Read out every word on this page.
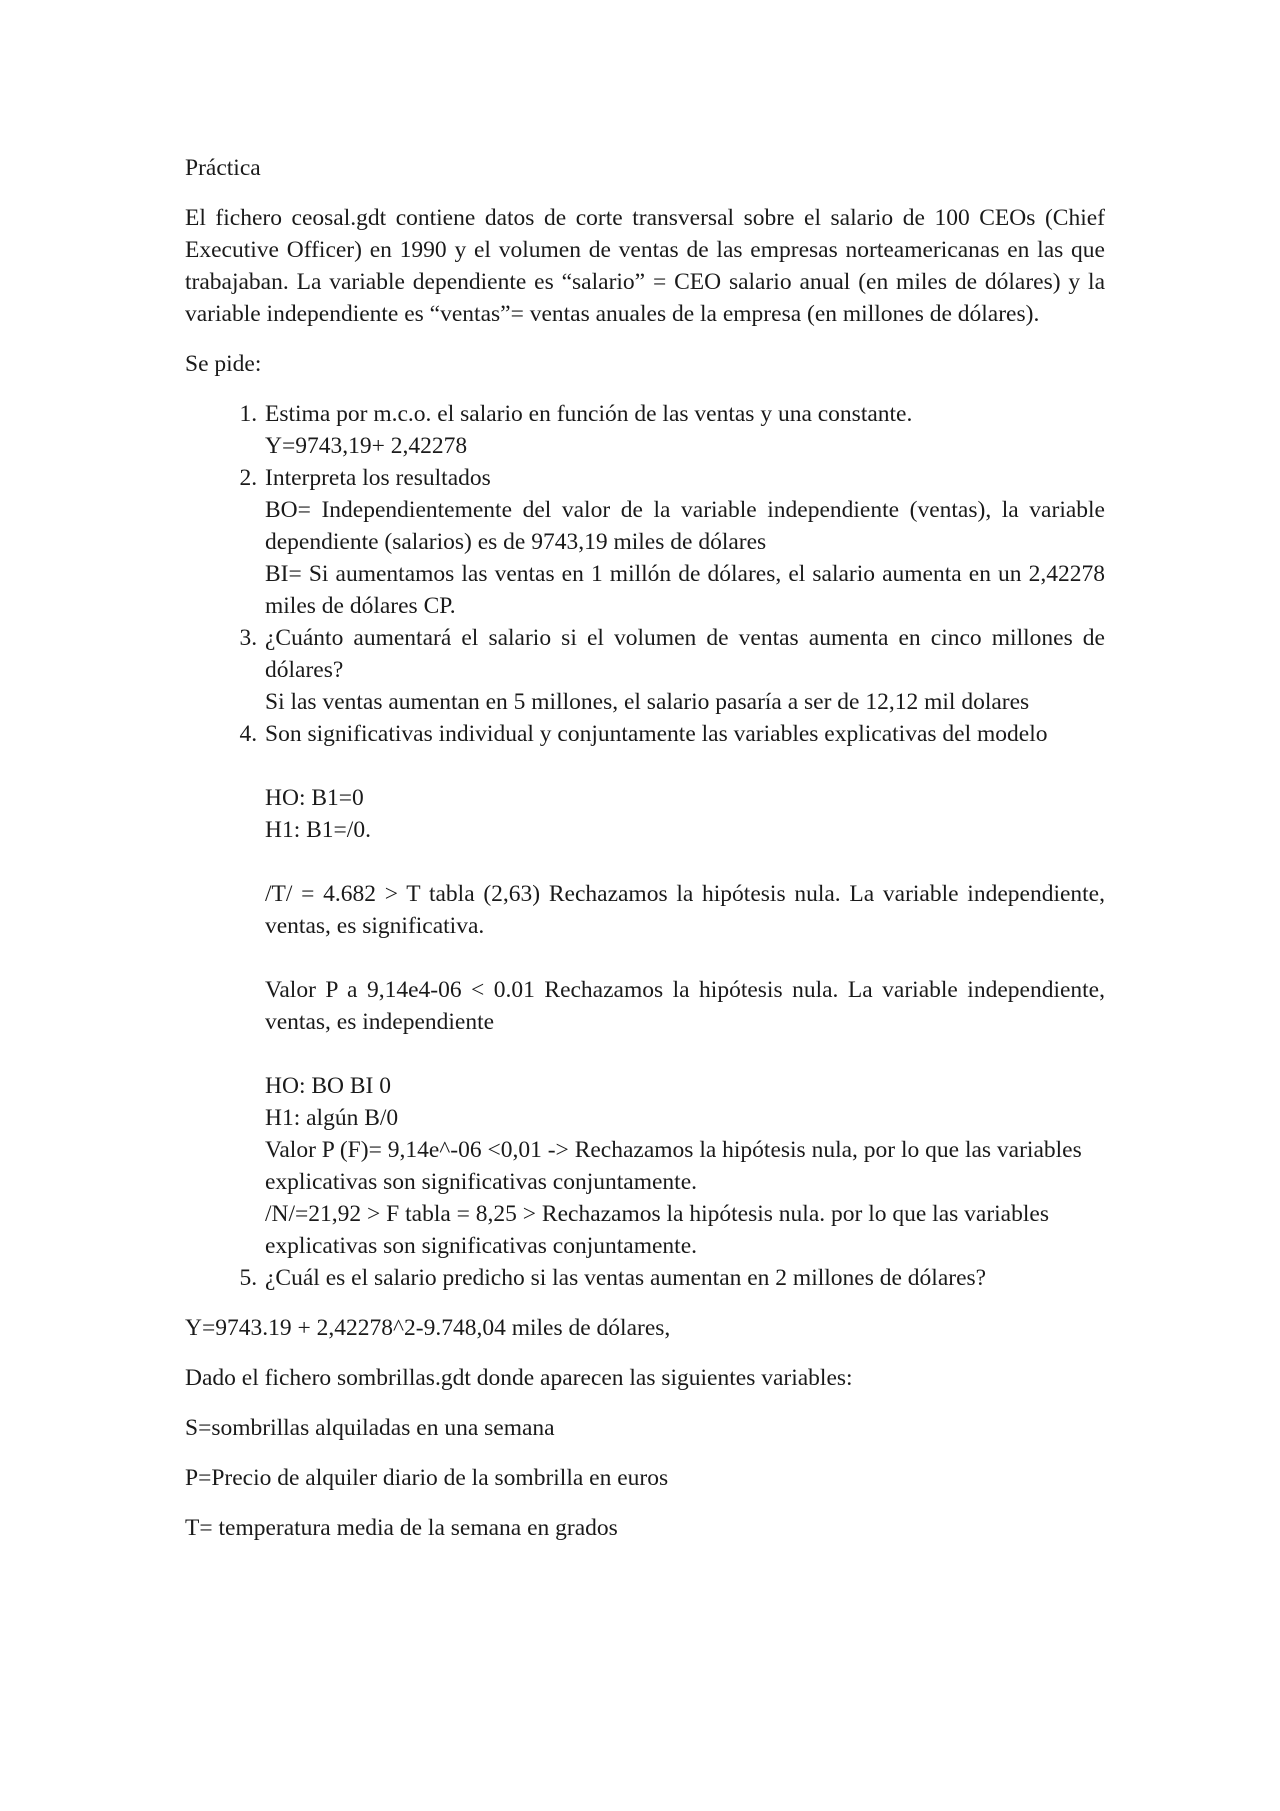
Práctica

El fichero ceosal.gdt contiene datos de corte transversal sobre el salario de 100 CEOs (Chief Executive Officer) en 1990 y el volumen de ventas de las empresas norteamericanas en las que trabajaban. La variable dependiente es “salario” = CEO salario anual (en miles de dólares) y la variable independiente es “ventas”= ventas anuales de la empresa (en millones de dólares).

Se pide:

1. Estima por m.c.o. el salario en función de las ventas y una constante.
Y=9743,19+ 2,42278
2. Interpreta los resultados
BO= Independientemente del valor de la variable independiente (ventas), la variable dependiente (salarios) es de 9743,19 miles de dólares
BI= Si aumentamos las ventas en 1 millón de dólares, el salario aumenta en un 2,42278 miles de dólares CP.
3. ¿Cuánto aumentará el salario si el volumen de ventas aumenta en cinco millones de dólares?
Si las ventas aumentan en 5 millones, el salario pasaría a ser de 12,12 mil dolares
4. Son significativas individual y conjuntamente las variables explicativas del modelo
HO: B1=0
H1: B1=/0.
/T/ = 4.682 > T tabla (2,63) Rechazamos la hipótesis nula. La variable independiente, ventas, es significativa.
Valor P a 9,14e4-06 < 0.01 Rechazamos la hipótesis nula. La variable independiente, ventas, es independiente
HO: BO BI 0
H1: algún B/0
Valor P (F)= 9,14e^-06 <0,01 -> Rechazamos la hipótesis nula, por lo que las variables explicativas son significativas conjuntamente.
/N/=21,92 > F tabla = 8,25 > Rechazamos la hipótesis nula. por lo que las variables explicativas son significativas conjuntamente.
5. ¿Cuál es el salario predicho si las ventas aumentan en 2 millones de dólares?

Y=9743.19 + 2,42278^2-9.748,04 miles de dólares,

Dado el fichero sombrillas.gdt donde aparecen las siguientes variables:

S=sombrillas alquiladas en una semana

P=Precio de alquiler diario de la sombrilla en euros

T= temperatura media de la semana en grados
